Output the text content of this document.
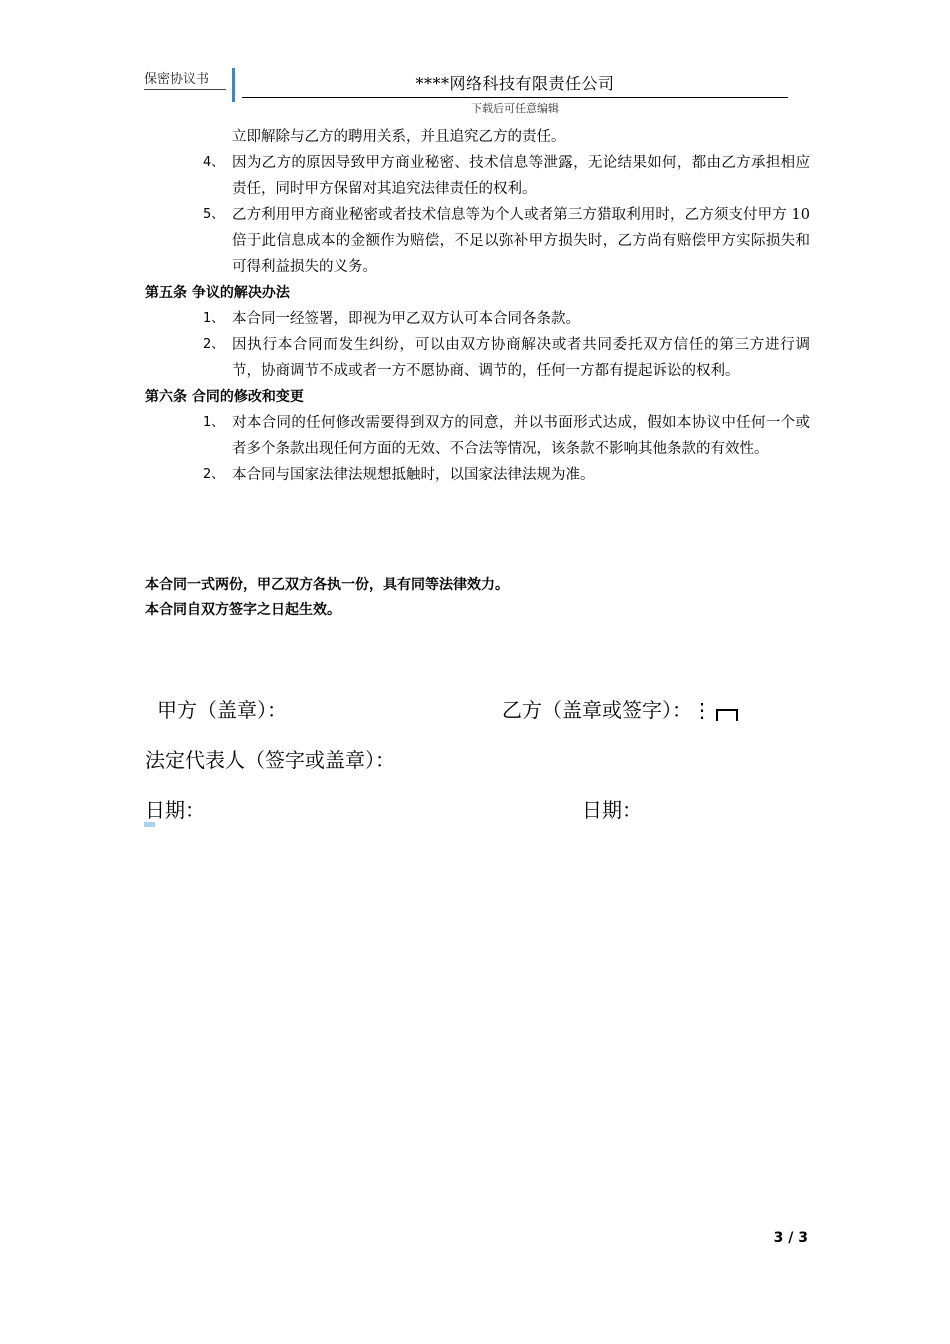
保密协议书	****网络科技有限责任公司
下载后可任意编辑
立即解除与乙方的聘用关系，并且追究乙方的责任。
4、 因为乙方的原因导致甲方商业秘密、技术信息等泄露，无论结果如何，都由乙方承担相应责任，同时甲方保留对其追究法律责任的权利。
5、 乙方利用甲方商业秘密或者技术信息等为个人或者第三方猎取利用时，乙方须支付甲方 10 倍于此信息成本的金额作为赔偿，不足以弥补甲方损失时，乙方尚有赔偿甲方实际损失和可得利益损失的义务。
第五条 争议的解决办法
1、 本合同一经签署，即视为甲乙双方认可本合同各条款。
2、 因执行本合同而发生纠纷，可以由双方协商解决或者共同委托双方信任的第三方进行调节，协商调节不成或者一方不愿协商、调节的，任何一方都有提起诉讼的权利。
第六条 合同的修改和变更
1、 对本合同的任何修改需要得到双方的同意，并以书面形式达成，假如本协议中任何一个或者多个条款出现任何方面的无效、不合法等情况，该条款不影响其他条款的有效性。
2、 本合同与国家法律法规想抵触时，以国家法律法规为准。
本合同一式两份，甲乙双方各执一份，具有同等法律效力。
本合同自双方签字之日起生效。
甲方（盖章）：	乙方（盖章或签字）：⋮
法定代表人（签字或盖章）：
日期：	日期：
3 / 3
